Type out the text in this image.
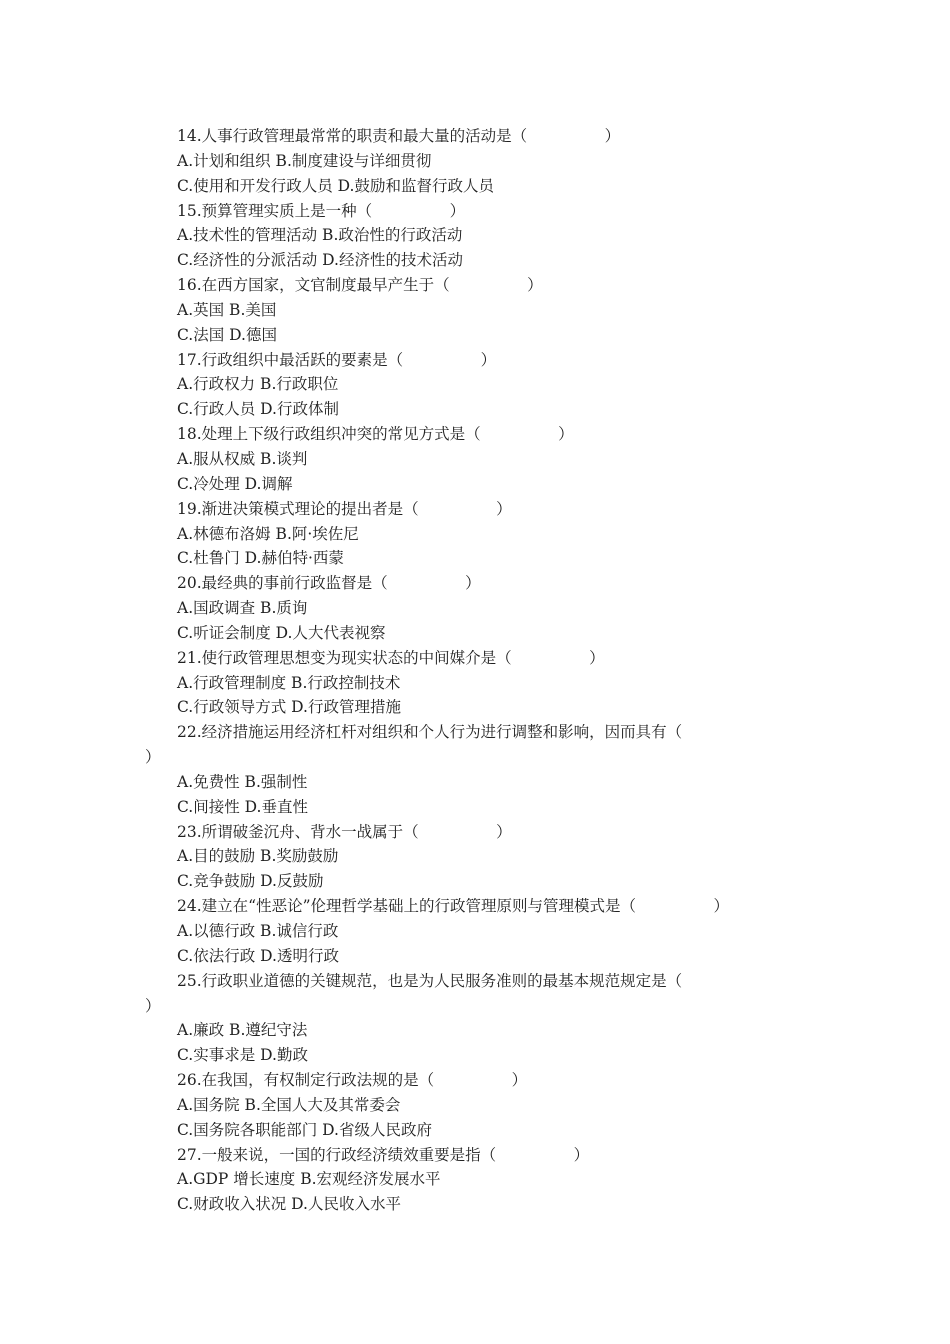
14.人事行政管理最常常的职责和最大量的活动是（　　　　　）
A.计划和组织 B.制度建设与详细贯彻
C.使用和开发行政人员 D.鼓励和监督行政人员
15.预算管理实质上是一种（　　　　　）
A.技术性的管理活动 B.政治性的行政活动
C.经济性的分派活动 D.经济性的技术活动
16.在西方国家，文官制度最早产生于（　　　　　）
A.英国 B.美国
C.法国 D.德国
17.行政组织中最活跃的要素是（　　　　　）
A.行政权力 B.行政职位
C.行政人员 D.行政体制
18.处理上下级行政组织冲突的常见方式是（　　　　　）
A.服从权威 B.谈判
C.冷处理 D.调解
19.渐进决策模式理论的提出者是（　　　　　）
A.林德布洛姆 B.阿·埃佐尼
C.杜鲁门 D.赫伯特·西蒙
20.最经典的事前行政监督是（　　　　　）
A.国政调查 B.质询
C.听证会制度 D.人大代表视察
21.使行政管理思想变为现实状态的中间媒介是（　　　　　）
A.行政管理制度 B.行政控制技术
C.行政领导方式 D.行政管理措施
22.经济措施运用经济杠杆对组织和个人行为进行调整和影响，因而具有（
）
A.免费性 B.强制性
C.间接性 D.垂直性
23.所谓破釜沉舟、背水一战属于（　　　　　）
A.目的鼓励 B.奖励鼓励
C.竞争鼓励 D.反鼓励
24.建立在“性恶论”伦理哲学基础上的行政管理原则与管理模式是（　　　　　）
A.以德行政 B.诚信行政
C.依法行政 D.透明行政
25.行政职业道德的关键规范，也是为人民服务准则的最基本规范规定是（
）
A.廉政 B.遵纪守法
C.实事求是 D.勤政
26.在我国，有权制定行政法规的是（　　　　　）
A.国务院 B.全国人大及其常委会
C.国务院各职能部门 D.省级人民政府
27.一般来说，一国的行政经济绩效重要是指（　　　　　）
A.GDP 增长速度 B.宏观经济发展水平
C.财政收入状况 D.人民收入水平
